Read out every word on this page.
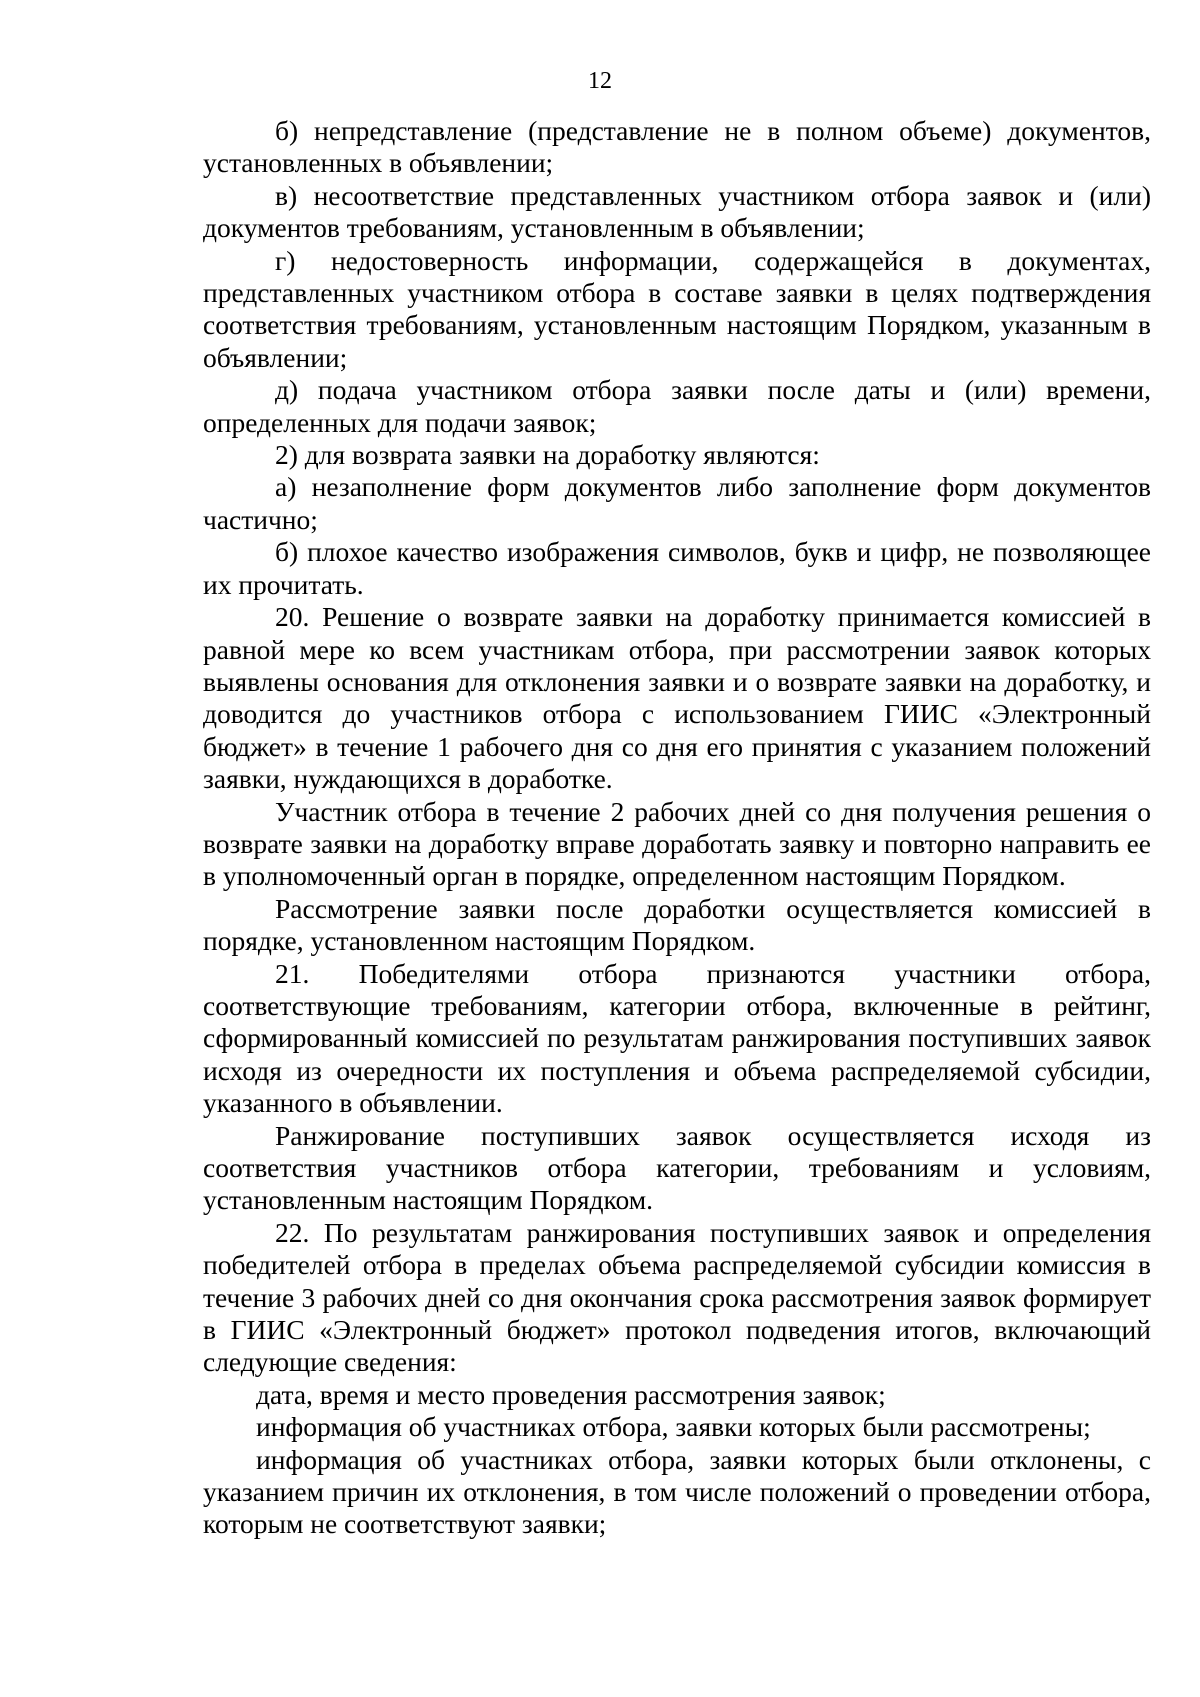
12

б) непредставление (представление не в полном объеме) документов, установленных в объявлении;

в) несоответствие представленных участником отбора заявок и (или) документов требованиям, установленным в объявлении;

г) недостоверность информации, содержащейся в документах, представленных участником отбора в составе заявки в целях подтверждения соответствия требованиям, установленным настоящим Порядком, указанным в объявлении;

д) подача участником отбора заявки после даты и (или) времени, определенных для подачи заявок;

2) для возврата заявки на доработку являются:

а) незаполнение форм документов либо заполнение форм документов частично;

б) плохое качество изображения символов, букв и цифр, не позволяющее их прочитать.

20. Решение о возврате заявки на доработку принимается комиссией в равной мере ко всем участникам отбора, при рассмотрении заявок которых выявлены основания для отклонения заявки и о возврате заявки на доработку, и доводится до участников отбора с использованием ГИИС «Электронный бюджет» в течение 1 рабочего дня со дня его принятия с указанием положений заявки, нуждающихся в доработке.

Участник отбора в течение 2 рабочих дней со дня получения решения о возврате заявки на доработку вправе доработать заявку и повторно направить ее в уполномоченный орган в порядке, определенном настоящим Порядком.

Рассмотрение заявки после доработки осуществляется комиссией в порядке, установленном настоящим Порядком.

21. Победителями отбора признаются участники отбора, соответствующие требованиям, категории отбора, включенные в рейтинг, сформированный комиссией по результатам ранжирования поступивших заявок исходя из очередности их поступления и объема распределяемой субсидии, указанного в объявлении.

Ранжирование поступивших заявок осуществляется исходя из соответствия участников отбора категории, требованиям и условиям, установленным настоящим Порядком.

22. По результатам ранжирования поступивших заявок и определения победителей отбора в пределах объема распределяемой субсидии комиссия в течение 3 рабочих дней со дня окончания срока рассмотрения заявок формирует в ГИИС «Электронный бюджет» протокол подведения итогов, включающий следующие сведения:

дата, время и место проведения рассмотрения заявок;

информация об участниках отбора, заявки которых были рассмотрены;

информация об участниках отбора, заявки которых были отклонены, с указанием причин их отклонения, в том числе положений о проведении отбора, которым не соответствуют заявки;
